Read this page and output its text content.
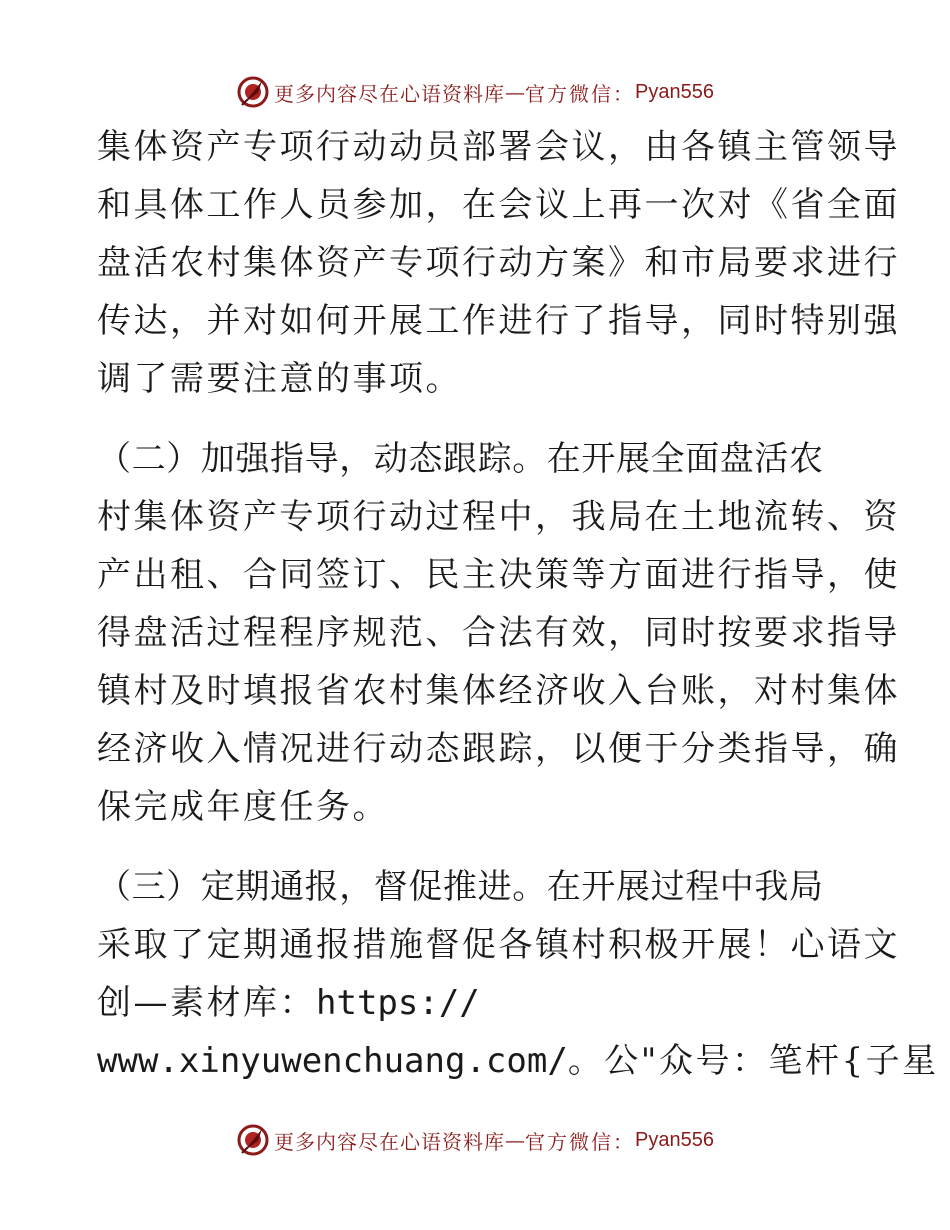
更多内容尽在心语资料库 — 官方微信： Pyan556
集体资产专项行动动员部署会议，由各镇主管领导
和具体工作人员参加，在会议上再一次对《省全面
盘活农村集体资产专项行动方案》和市局要求进行
传达，并对如何开展工作进行了指导，同时特别强
调了需要注意的事项。
（二）加强指导，动态跟踪。在开展全面盘活农
村集体资产专项行动过程中，我局在土地流转、资
产出租、合同签订、民主决策等方面进行指导，使
得盘活过程程序规范、合法有效，同时按要求指导
镇村及时填报省农村集体经济收入台账，对村集体
经济收入情况进行动态跟踪，以便于分类指导，确
保完成年度任务。
（三）定期通报，督促推进。在开展过程中我局
采取了定期通报措施督促各镇村积极开展！心语文
创—素材库：https://
www.xinyuwenchuang.com/。公"众号：笔杆{子星
更多内容尽在心语资料库 — 官方微信： Pyan556
